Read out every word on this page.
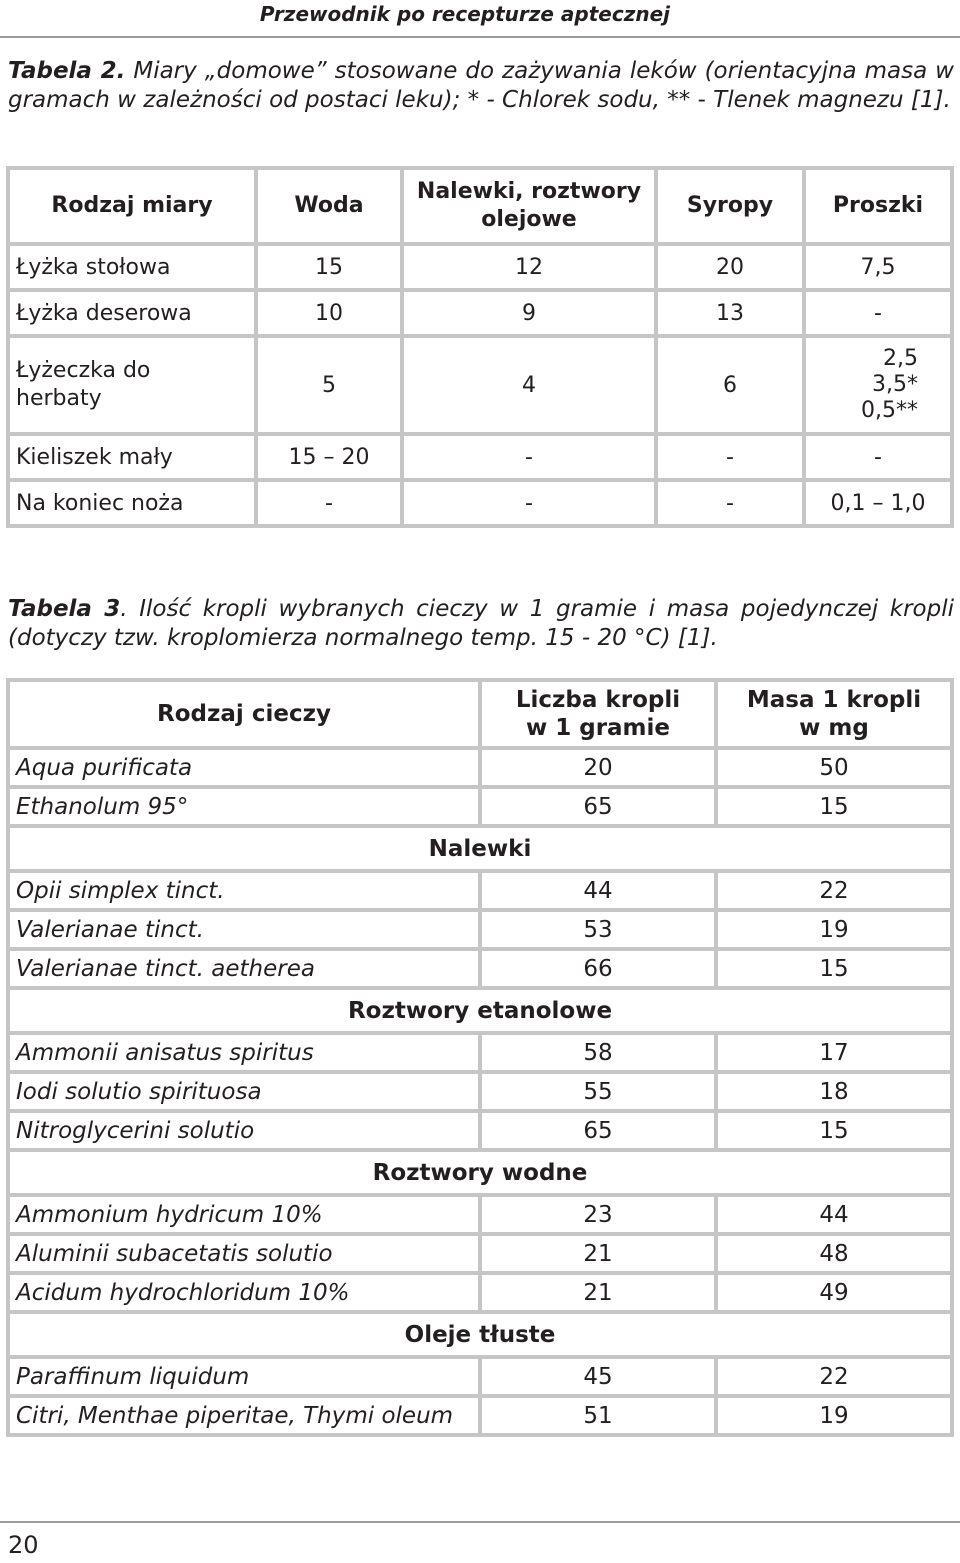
Przewodnik po recepturze aptecznej
Tabela 2. Miary „domowe” stosowane do zażywania leków (orientacyjna masa w gramach w zależności od postaci leku); * - Chlorek sodu, ** - Tlenek magnezu [1].
Rodzaj miary	Woda	Nalewki, roztwory olejowe	Syropy	Proszki
Łyżka stołowa	15	12	20	7,5
Łyżka deserowa	10	9	13	-
Łyżeczka do herbaty	5	4	6	2,5 3,5* 0,5**
Kieliszek mały	15 – 20	-	-	-
Na koniec noża	-	-	-	0,1 – 1,0
Tabela 3. Ilość kropli wybranych cieczy w 1 gramie i masa pojedynczej kropli (dotyczy tzw. kroplomierza normalnego temp. 15 - 20 °C) [1].
Rodzaj cieczy	Liczba kropli w 1 gramie	Masa 1 kropli w mg
Aqua purificata	20	50
Ethanolum 95°	65	15
Nalewki		
Opii simplex tinct.	44	22
Valerianae tinct.	53	19
Valerianae tinct. aetherea	66	15
Roztwory etanolowe		
Ammonii anisatus spiritus	58	17
Iodi solutio spirituosa	55	18
Nitroglycerini solutio	65	15
Roztwory wodne		
Ammonium hydricum 10%	23	44
Aluminii subacetatis solutio	21	48
Acidum hydrochloridum 10%	21	49
Oleje tłuste		
Paraffinum liquidum	45	22
Citri, Menthae piperitae, Thymi oleum	51	19
20
